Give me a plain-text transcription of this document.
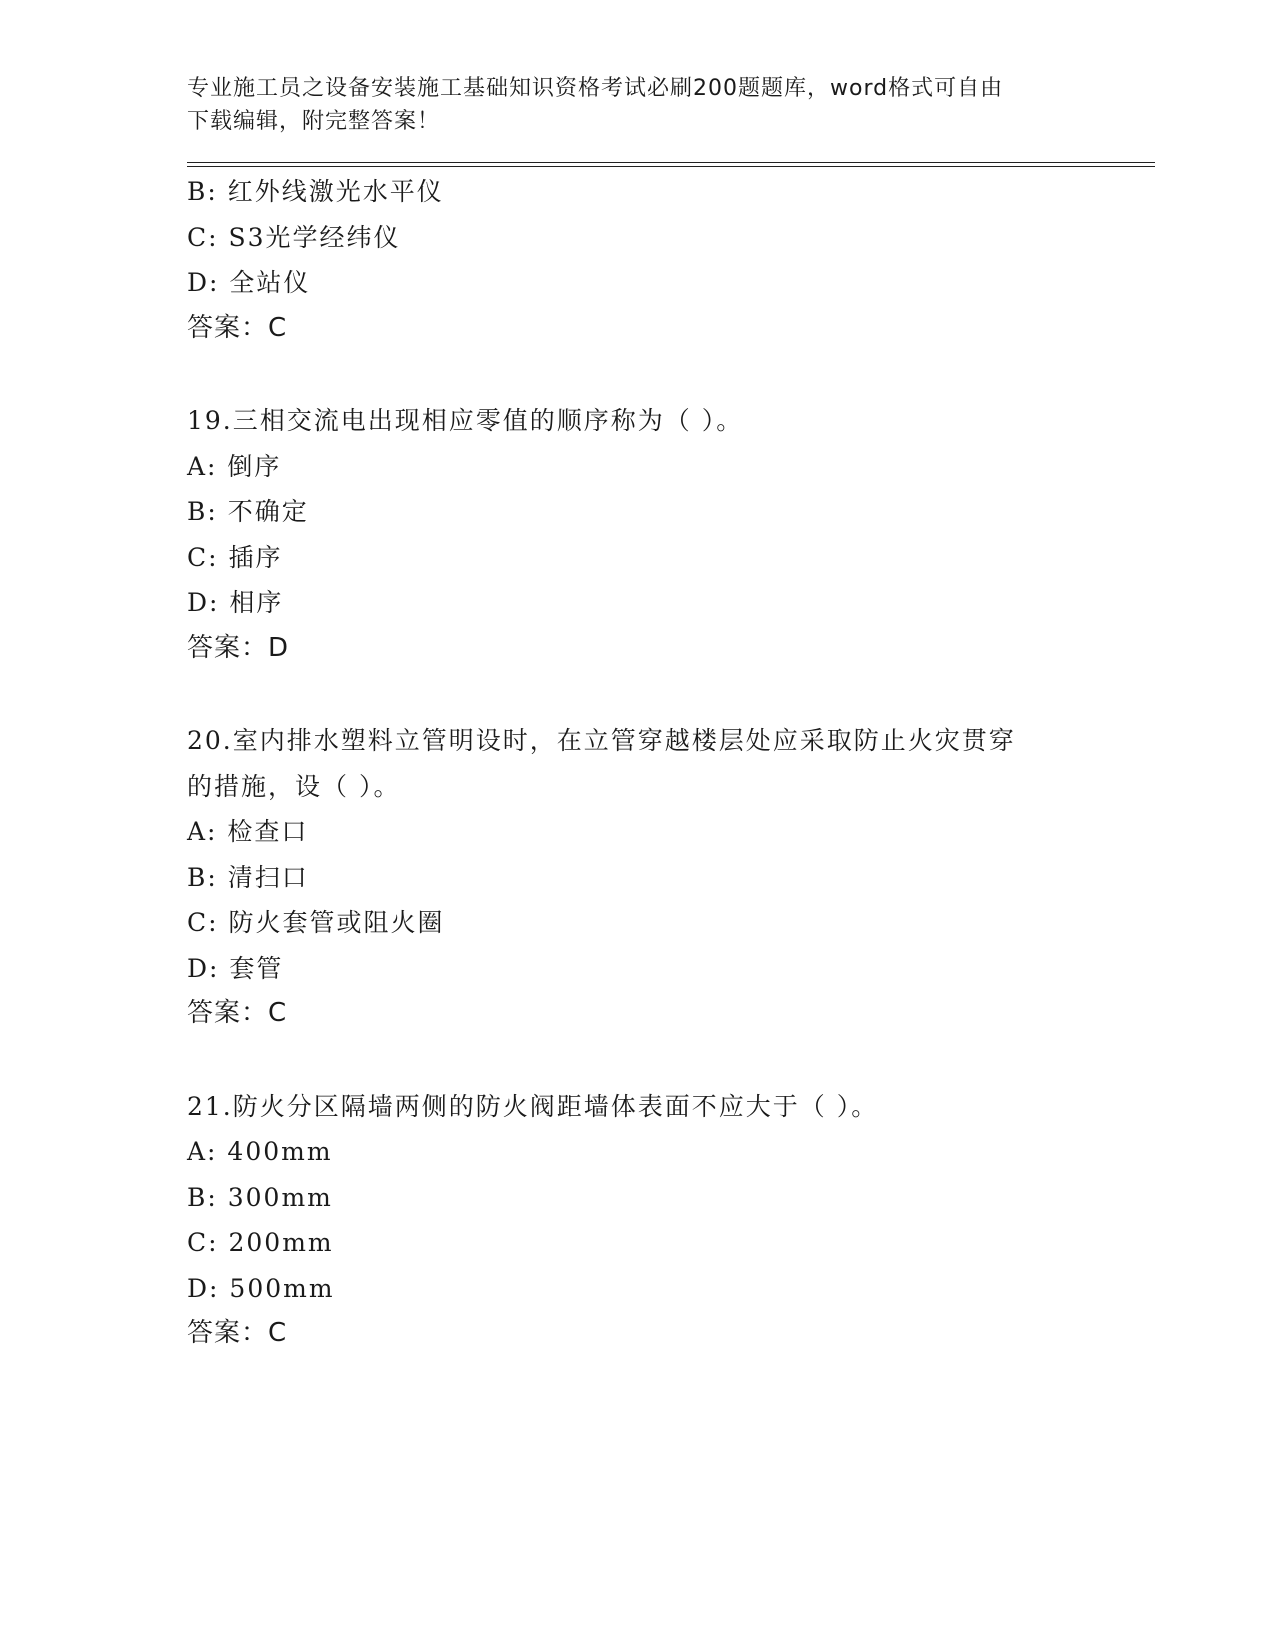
专业施工员之设备安装施工基础知识资格考试必刷200题题库，word格式可自由
下载编辑，附完整答案！
B: 红外线激光水平仪
C: S3光学经纬仪
D: 全站仪
答案：C
19.三相交流电出现相应零值的顺序称为（ ）。
A: 倒序
B: 不确定
C: 插序
D: 相序
答案：D
20.室内排水塑料立管明设时，在立管穿越楼层处应采取防止火灾贯穿
的措施，设（ ）。
A: 检查口
B: 清扫口
C: 防火套管或阻火圈
D: 套管
答案：C
21.防火分区隔墙两侧的防火阀距墙体表面不应大于（ ）。
A: 400mm
B: 300mm
C: 200mm
D: 500mm
答案：C
